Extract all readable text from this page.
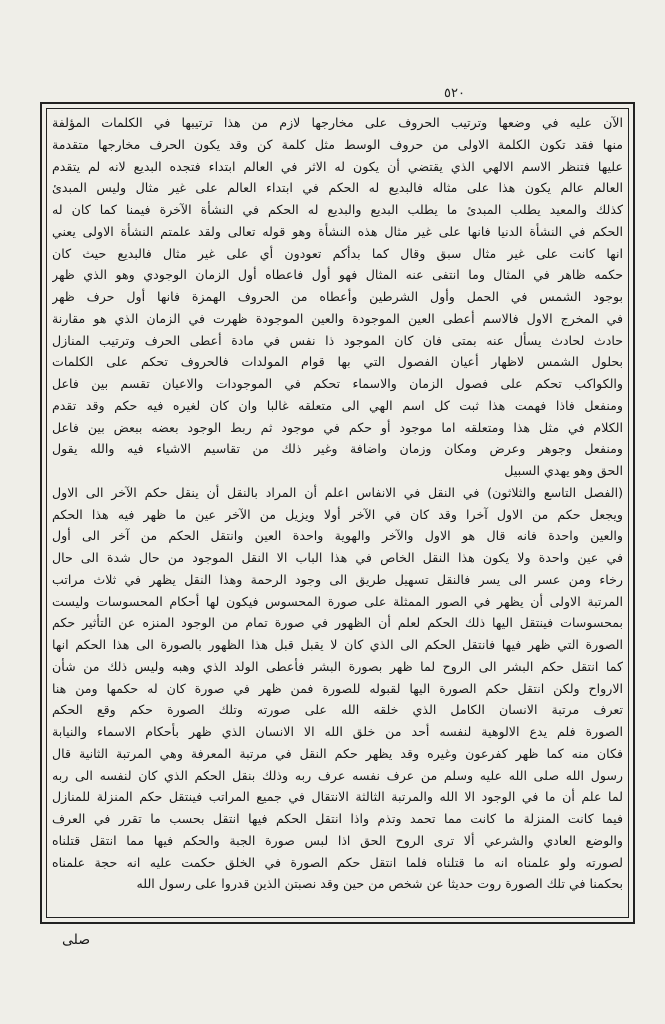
٥٢٠
الآن عليه في وضعها وترتيب الحروف على مخارجها لازم من هذا ترتيبها في الكلمات المؤلفة
منها فقد تكون الكلمة الاولى من حروف الوسط مثل كلمة كن وقد يكون الحرف مخارجها متقدمة
عليها فتنظر الاسم الالهي الذي يقتضي أن يكون له الاثر في العالم ابتداء فتجده البديع لانه لم يتقدم
العالم عالم يكون هذا على مثاله فالبديع له الحكم في ابتداء العالم على غير مثال وليس المبدئ
كذلك والمعيد يطلب المبدئ ما يطلب البديع والبديع له الحكم في النشأة الآخرة فيمنا كما كان له
الحكم في النشأة الدنيا فانها على غير مثال هذه النشأة وهو قوله تعالى ولقد علمتم النشأة الاولى يعني
انها كانت على غير مثال سبق وقال كما بدأكم تعودون أي على غير مثال فالبديع حيث كان
حكمه ظاهر في المثال وما انتفى عنه المثال فهو أول فاعطاه أول الزمان الوجودي وهو الذي ظهر
بوجود الشمس في الحمل وأول الشرطين وأعطاه من الحروف الهمزة فانها أول حرف ظهر
في المخرج الاول فالاسم أعطى العين الموجودة والعين الموجودة ظهرت في الزمان الذي هو مقارنة
حادث لحادث يسأل عنه بمتى فان كان الموجود ذا نفس في مادة أعطى الحرف وترتيب المنازل
بحلول الشمس لاظهار أعيان الفصول التي بها قوام المولدات فالحروف تحكم على الكلمات
والكواكب تحكم على فصول الزمان والاسماء تحكم في الموجودات والاعيان تقسم بين فاعل
ومنفعل فاذا فهمت هذا ثبت كل اسم الهي الى متعلقه غالبا وان كان لغيره فيه حكم وقد تقدم
الكلام في مثل هذا ومتعلقه اما موجود أو حكم في موجود ثم ربط الوجود بعضه ببعض بين فاعل
ومنفعل وجوهر وعرض ومكان وزمان واضافة وغير ذلك من تقاسيم الاشياء فيه والله يقول
الحق وهو يهدي السبيل
(الفصل التاسع والثلاثون) في النقل في الانفاس اعلم أن المراد بالنقل أن ينقل حكم الآخر الى الاول
ويجعل حكم من الاول آخرا وقد كان في الآخر أولا ويزيل من الآخر عين ما ظهر فيه هذا الحكم
والعين واحدة فانه قال هو الاول والآخر والهوية واحدة العين وانتقل الحكم من آخر الى أول
في عين واحدة ولا يكون هذا النقل الخاص في هذا الباب الا النقل الموجود من حال شدة الى حال
رخاء ومن عسر الى يسر فالنقل تسهيل طريق الى وجود الرحمة وهذا النقل يظهر في ثلاث مراتب
المرتبة الاولى أن يظهر في الصور الممثلة على صورة المحسوس فيكون لها أحكام المحسوسات وليست
بمحسوسات فينتقل اليها ذلك الحكم لعلم أن الظهور في صورة تمام من الوجود المنزه عن التأثير حكم
الصورة التي ظهر فيها فانتقل الحكم الى الذي كان لا يقبل قبل هذا الظهور بالصورة الى هذا الحكم انها
كما انتقل حكم البشر الى الروح لما ظهر بصورة البشر فأعطى الولد الذي وهبه وليس ذلك من شأن
الارواح ولكن انتقل حكم الصورة اليها لقبوله للصورة فمن ظهر في صورة كان له حكمها ومن هنا
تعرف مرتبة الانسان الكامل الذي خلقه الله على صورته وتلك الصورة حكم وقع الحكم
الصورة فلم يدع الالوهية لنفسه أحد من خلق الله الا الانسان الذي ظهر بأحكام الاسماء والنيابة
فكان منه كما ظهر كفرعون وغيره وقد يظهر حكم النقل في مرتبة المعرفة وهي المرتبة الثانية قال
رسول الله صلى الله عليه وسلم من عرف نفسه عرف ربه وذلك بنقل الحكم الذي كان لنفسه الى ربه
لما علم أن ما في الوجود الا الله والمرتبة الثالثة الانتقال في جميع المراتب فينتقل حكم المنزلة للمنازل
فيما كانت المنزلة ما كانت مما تحمد وتذم واذا انتقل الحكم فيها انتقل بحسب ما تقرر في العرف
والوضع العادي والشرعي ألا ترى الروح الحق اذا لبس صورة الجبة والحكم فيها مما انتقل قتلناه
لصورته ولو علمناه انه ما قتلناه فلما انتقل حكم الصورة في الخلق حكمت عليه انه حجة علمناه
بحكمنا في تلك الصورة روت حديثا عن شخص من حين وقد نصبتن الذين قدروا على رسول الله
صلى
